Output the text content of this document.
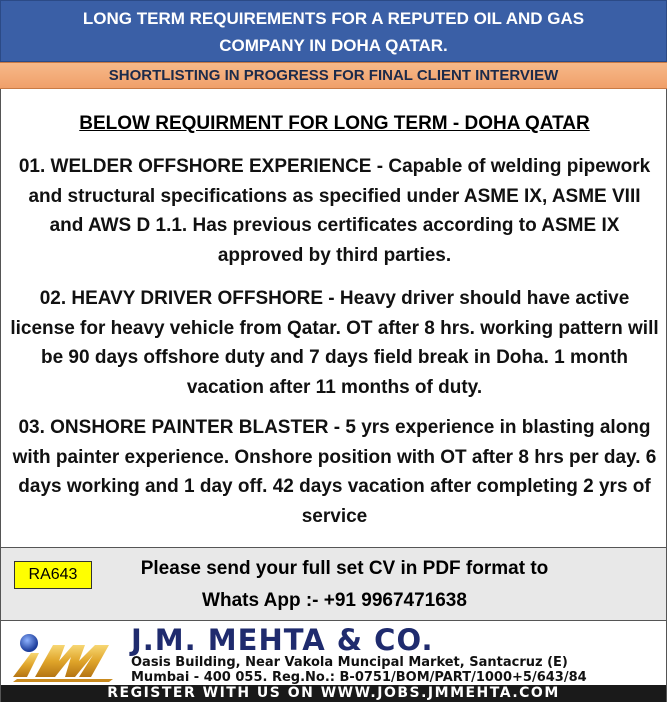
LONG TERM REQUIREMENTS FOR A REPUTED OIL AND GAS
COMPANY IN DOHA QATAR.
SHORTLISTING IN PROGRESS FOR FINAL CLIENT INTERVIEW
BELOW REQUIRMENT FOR LONG TERM - DOHA QATAR
01. WELDER OFFSHORE EXPERIENCE - Capable of welding pipework and structural specifications as specified under ASME IX, ASME VIII and AWS D 1.1. Has previous certificates according to ASME IX approved by third parties.
02. HEAVY DRIVER OFFSHORE - Heavy driver should have active license for heavy vehicle from Qatar. OT after 8 hrs. working pattern will be 90 days offshore duty and 7 days field break in Doha. 1 month vacation after 11 months of duty.
03. ONSHORE PAINTER BLASTER - 5 yrs experience in blasting along with painter experience. Onshore position with OT after 8 hrs per day. 6 days working and 1 day off. 42 days vacation after completing 2 yrs of service
RA643	Please send your full set CV in PDF format to
Whats App :- +91 9967471638
J.M. MEHTA & CO.
Oasis Building, Near Vakola Muncipal Market, Santacruz (E)
Mumbai - 400 055. Reg.No.: B-0751/BOM/PART/1000+5/643/84
REGISTER WITH US ON WWW.JOBS.JMMEHTA.COM
